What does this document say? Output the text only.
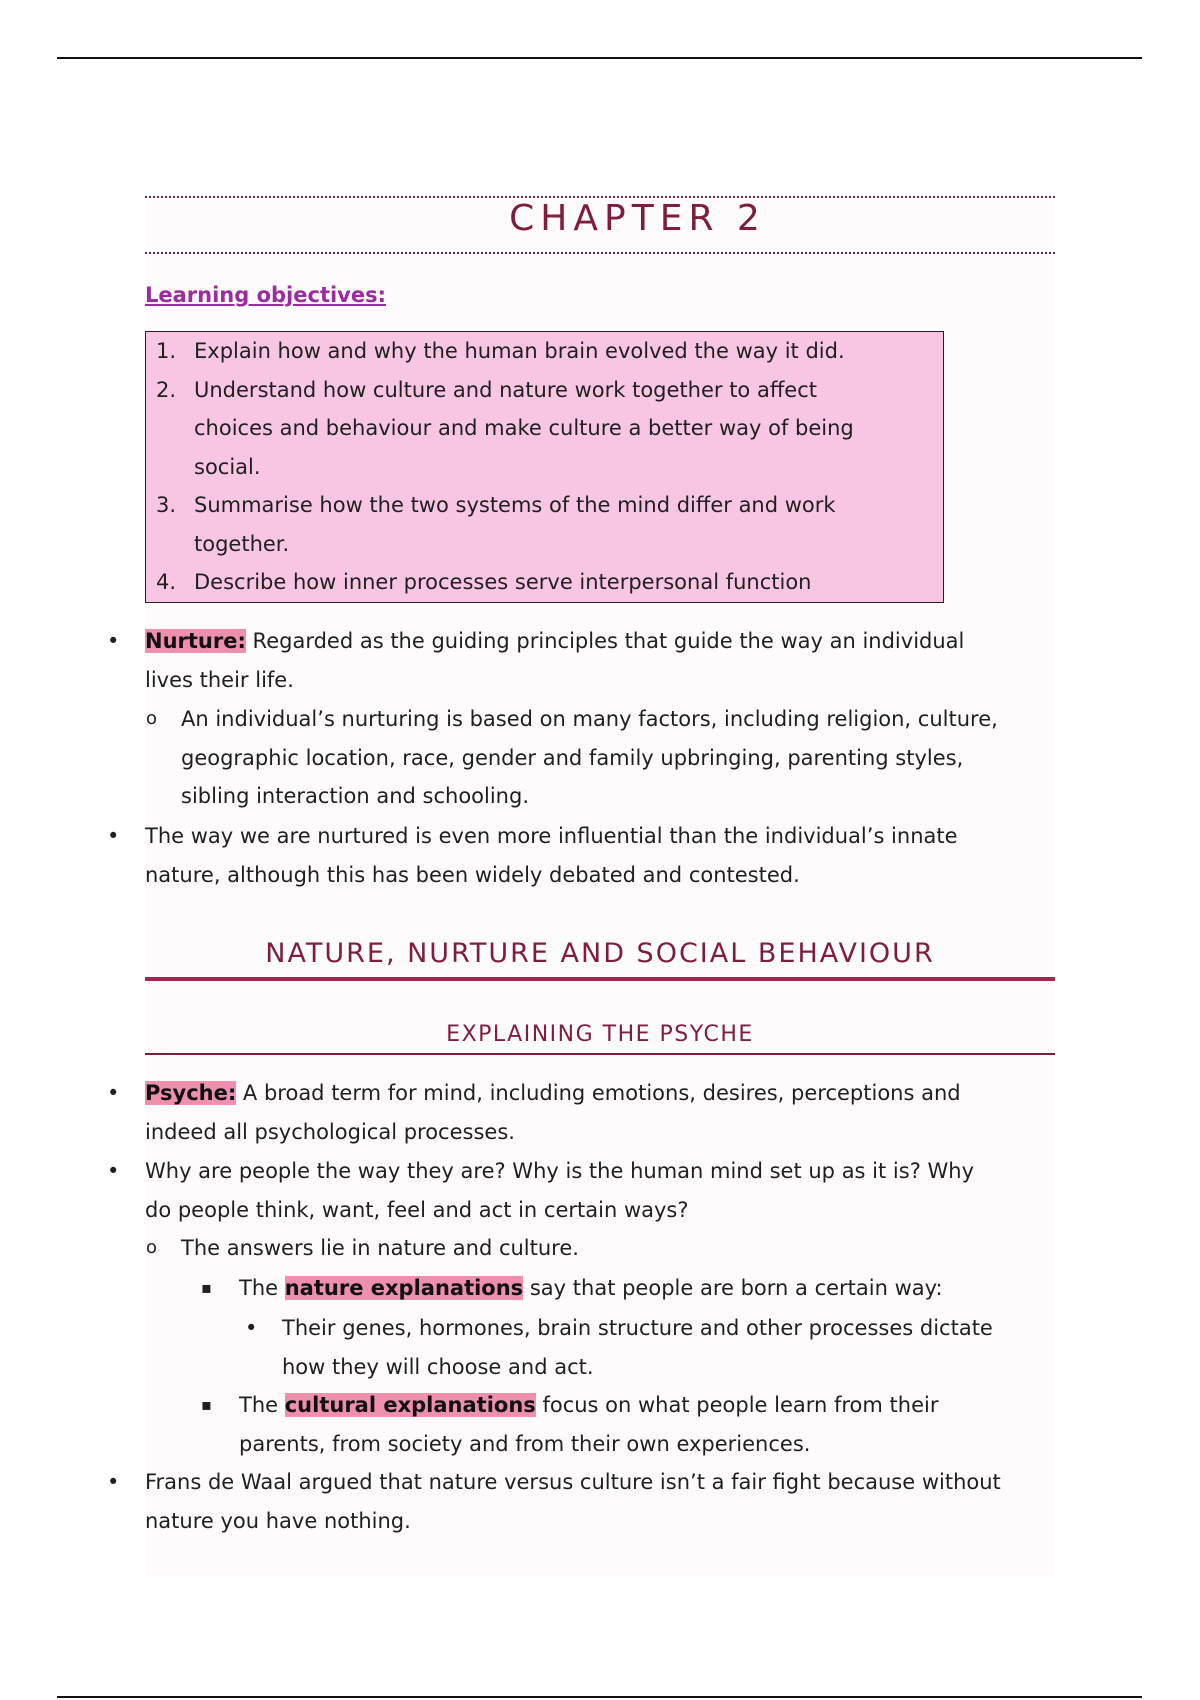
CHAPTER 2
Learning objectives:
1. Explain how and why the human brain evolved the way it did.
2. Understand how culture and nature work together to affect
choices and behaviour and make culture a better way of being
social.
3. Summarise how the two systems of the mind differ and work
together.
4. Describe how inner processes serve interpersonal function
• Nurture: Regarded as the guiding principles that guide the way an individual
lives their life.
o An individual’s nurturing is based on many factors, including religion, culture,
geographic location, race, gender and family upbringing, parenting styles,
sibling interaction and schooling.
• The way we are nurtured is even more influential than the individual’s innate
nature, although this has been widely debated and contested.
NATURE, NURTURE AND SOCIAL BEHAVIOUR
EXPLAINING THE PSYCHE
• Psyche: A broad term for mind, including emotions, desires, perceptions and
indeed all psychological processes.
• Why are people the way they are? Why is the human mind set up as it is? Why
do people think, want, feel and act in certain ways?
o The answers lie in nature and culture.
▪ The nature explanations say that people are born a certain way:
• Their genes, hormones, brain structure and other processes dictate
how they will choose and act.
▪ The cultural explanations focus on what people learn from their
parents, from society and from their own experiences.
• Frans de Waal argued that nature versus culture isn’t a fair fight because without
nature you have nothing.
